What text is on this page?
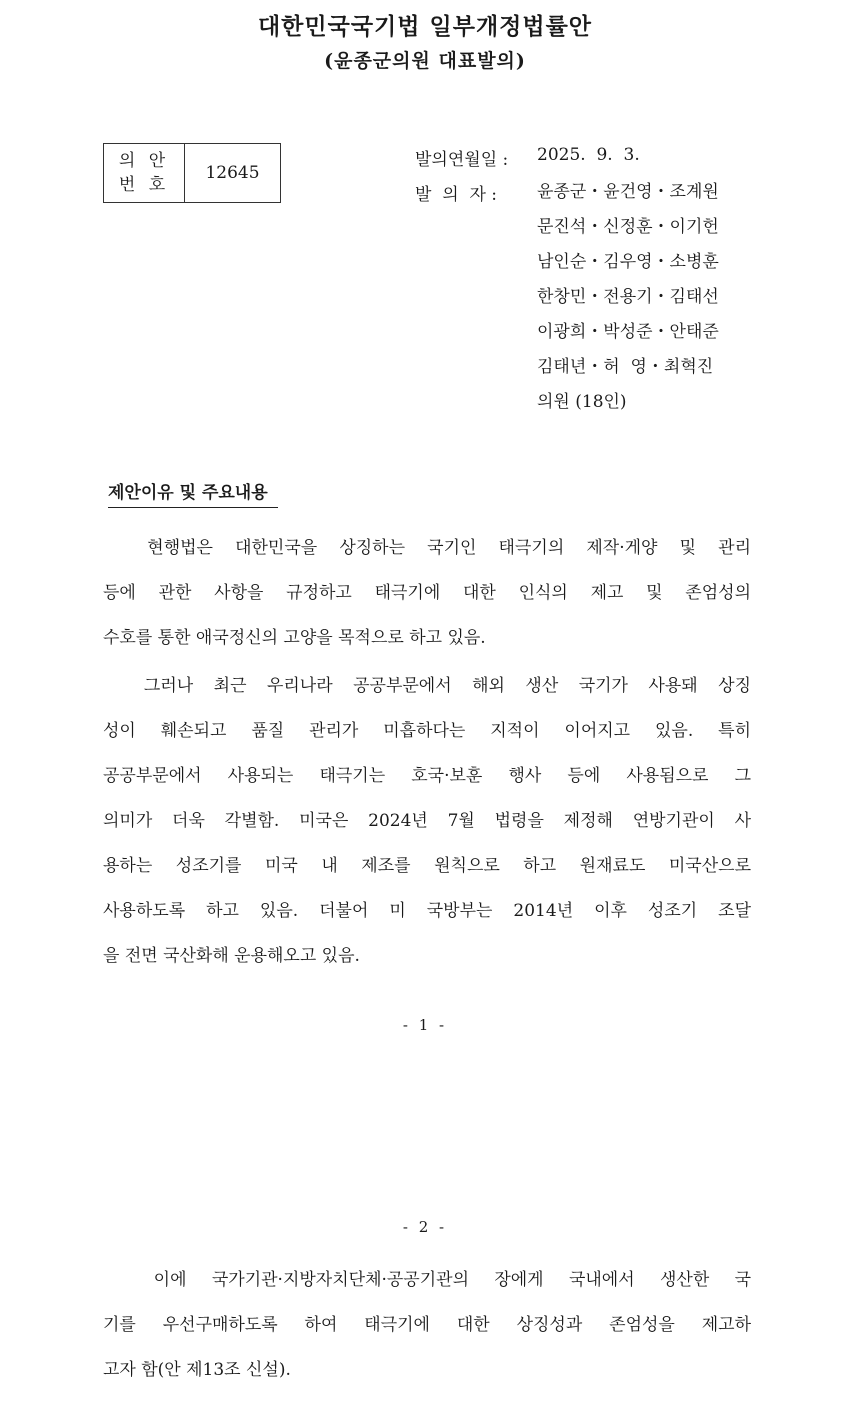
대한민국국기법 일부개정법률안
(윤종군의원 대표발의)
의 안
번 호
12645
발의연월일 : 2025.  9.  3.
발  의  자 : 윤종군・윤건영・조계원
문진석・신정훈・이기헌
남인순・김우영・소병훈
한창민・전용기・김태선
이광희・박성준・안태준
김태년・허  영・최혁진
의원 (18인)
제안이유 및 주요내용
현행법은 대한민국을 상징하는 국기인 태극기의 제작·게양 및 관리
등에 관한 사항을 규정하고 태극기에 대한 인식의 제고 및 존엄성의
수호를 통한 애국정신의 고양을 목적으로 하고 있음.
그러나 최근 우리나라 공공부문에서 해외 생산 국기가 사용돼 상징
성이 훼손되고 품질 관리가 미흡하다는 지적이 이어지고 있음. 특히
공공부문에서 사용되는 태극기는 호국·보훈 행사 등에 사용됨으로 그
의미가 더욱 각별함. 미국은 2024년 7월 법령을 제정해 연방기관이 사
용하는 성조기를 미국 내 제조를 원칙으로 하고 원재료도 미국산으로
사용하도록 하고 있음. 더불어 미 국방부는 2014년 이후 성조기 조달
을 전면 국산화해 운용해오고 있음.
- 1 -
- 2 -
이에 국가기관·지방자치단체·공공기관의 장에게 국내에서 생산한 국
기를 우선구매하도록 하여 태극기에 대한 상징성과 존엄성을 제고하
고자 함(안 제13조 신설).
